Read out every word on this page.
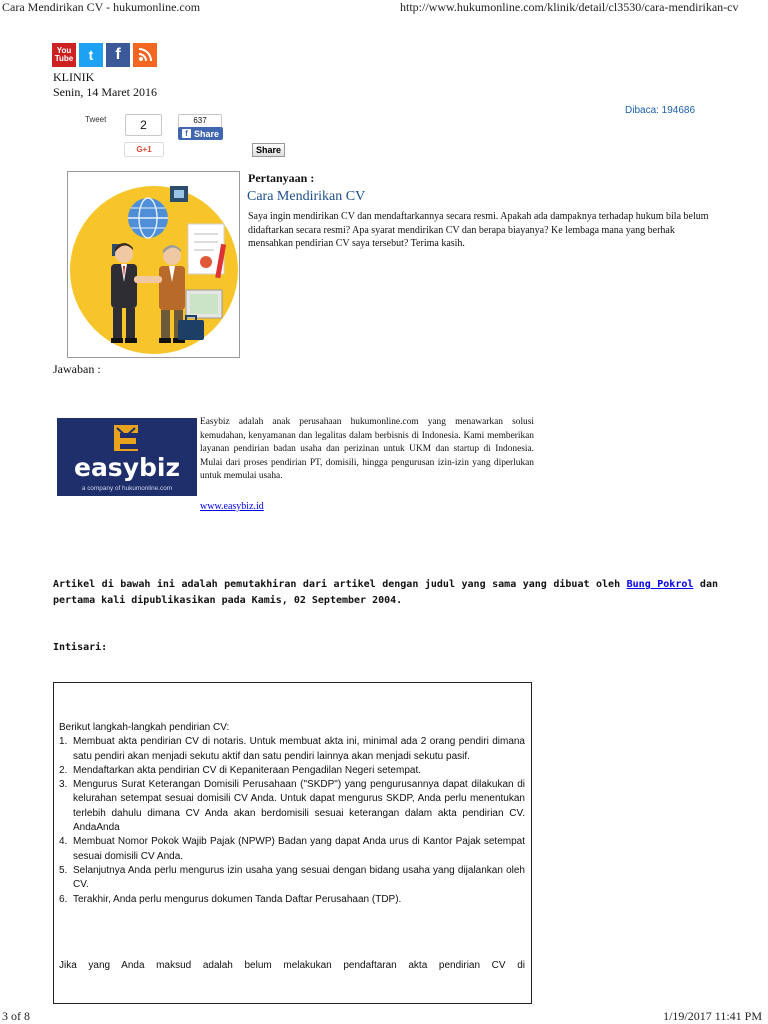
Cara Mendirikan CV - hukumonline.com	http://www.hukumonline.com/klinik/detail/cl3530/cara-mendirikan-cv
You
Tube	t	f
KLINIK
Senin, 14 Maret 2016
Dibaca: 194686
Tweet	2	637
f Share
G+1	Share
Pertanyaan :
Cara Mendirikan CV
Saya ingin mendirikan CV dan mendaftarkannya secara resmi. Apakah ada dampaknya terhadap hukum bila belum didaftarkan secara resmi? Apa syarat mendirikan CV dan berapa biayanya? Ke lembaga mana yang berhak mensahkan pendirian CV saya tersebut? Terima kasih.
Jawaban :
easybiz
a company of hukumonline.com
Easybiz adalah anak perusahaan hukumonline.com yang menawarkan solusi kemudahan, kenyamanan dan legalitas dalam berbisnis di Indonesia. Kami memberikan layanan pendirian badan usaha dan perizinan untuk UKM dan startup di Indonesia. Mulai dari proses pendirian PT, domisili, hingga pengurusan izin-izin yang diperlukan untuk memulai usaha.
www.easybiz.id
Artikel di bawah ini adalah pemutakhiran dari artikel dengan judul yang sama yang dibuat oleh Bung Pokrol dan pertama kali dipublikasikan pada Kamis, 02 September 2004.
Intisari:
Berikut langkah-langkah pendirian CV:
1. Membuat akta pendirian CV di notaris. Untuk membuat akta ini, minimal ada 2 orang pendiri dimana satu pendiri akan menjadi sekutu aktif dan satu pendiri lainnya akan menjadi sekutu pasif.
2. Mendaftarkan akta pendirian CV di Kepaniteraan Pengadilan Negeri setempat.
3. Mengurus Surat Keterangan Domisili Perusahaan ("SKDP") yang pengurusannya dapat dilakukan di kelurahan setempat sesuai domisili CV Anda. Untuk dapat mengurus SKDP, Anda perlu menentukan terlebih dahulu dimana CV Anda akan berdomisili sesuai keterangan dalam akta pendirian CV. AndaAnda
4. Membuat Nomor Pokok Wajib Pajak (NPWP) Badan yang dapat Anda urus di Kantor Pajak setempat sesuai domisili CV Anda.
5. Selanjutnya Anda perlu mengurus izin usaha yang sesuai dengan bidang usaha yang dijalankan oleh CV.
6. Terakhir, Anda perlu mengurus dokumen Tanda Daftar Perusahaan (TDP).
Jika yang Anda maksud adalah belum melakukan pendaftaran akta pendirian CV di
3 of 8	1/19/2017 11:41 PM
